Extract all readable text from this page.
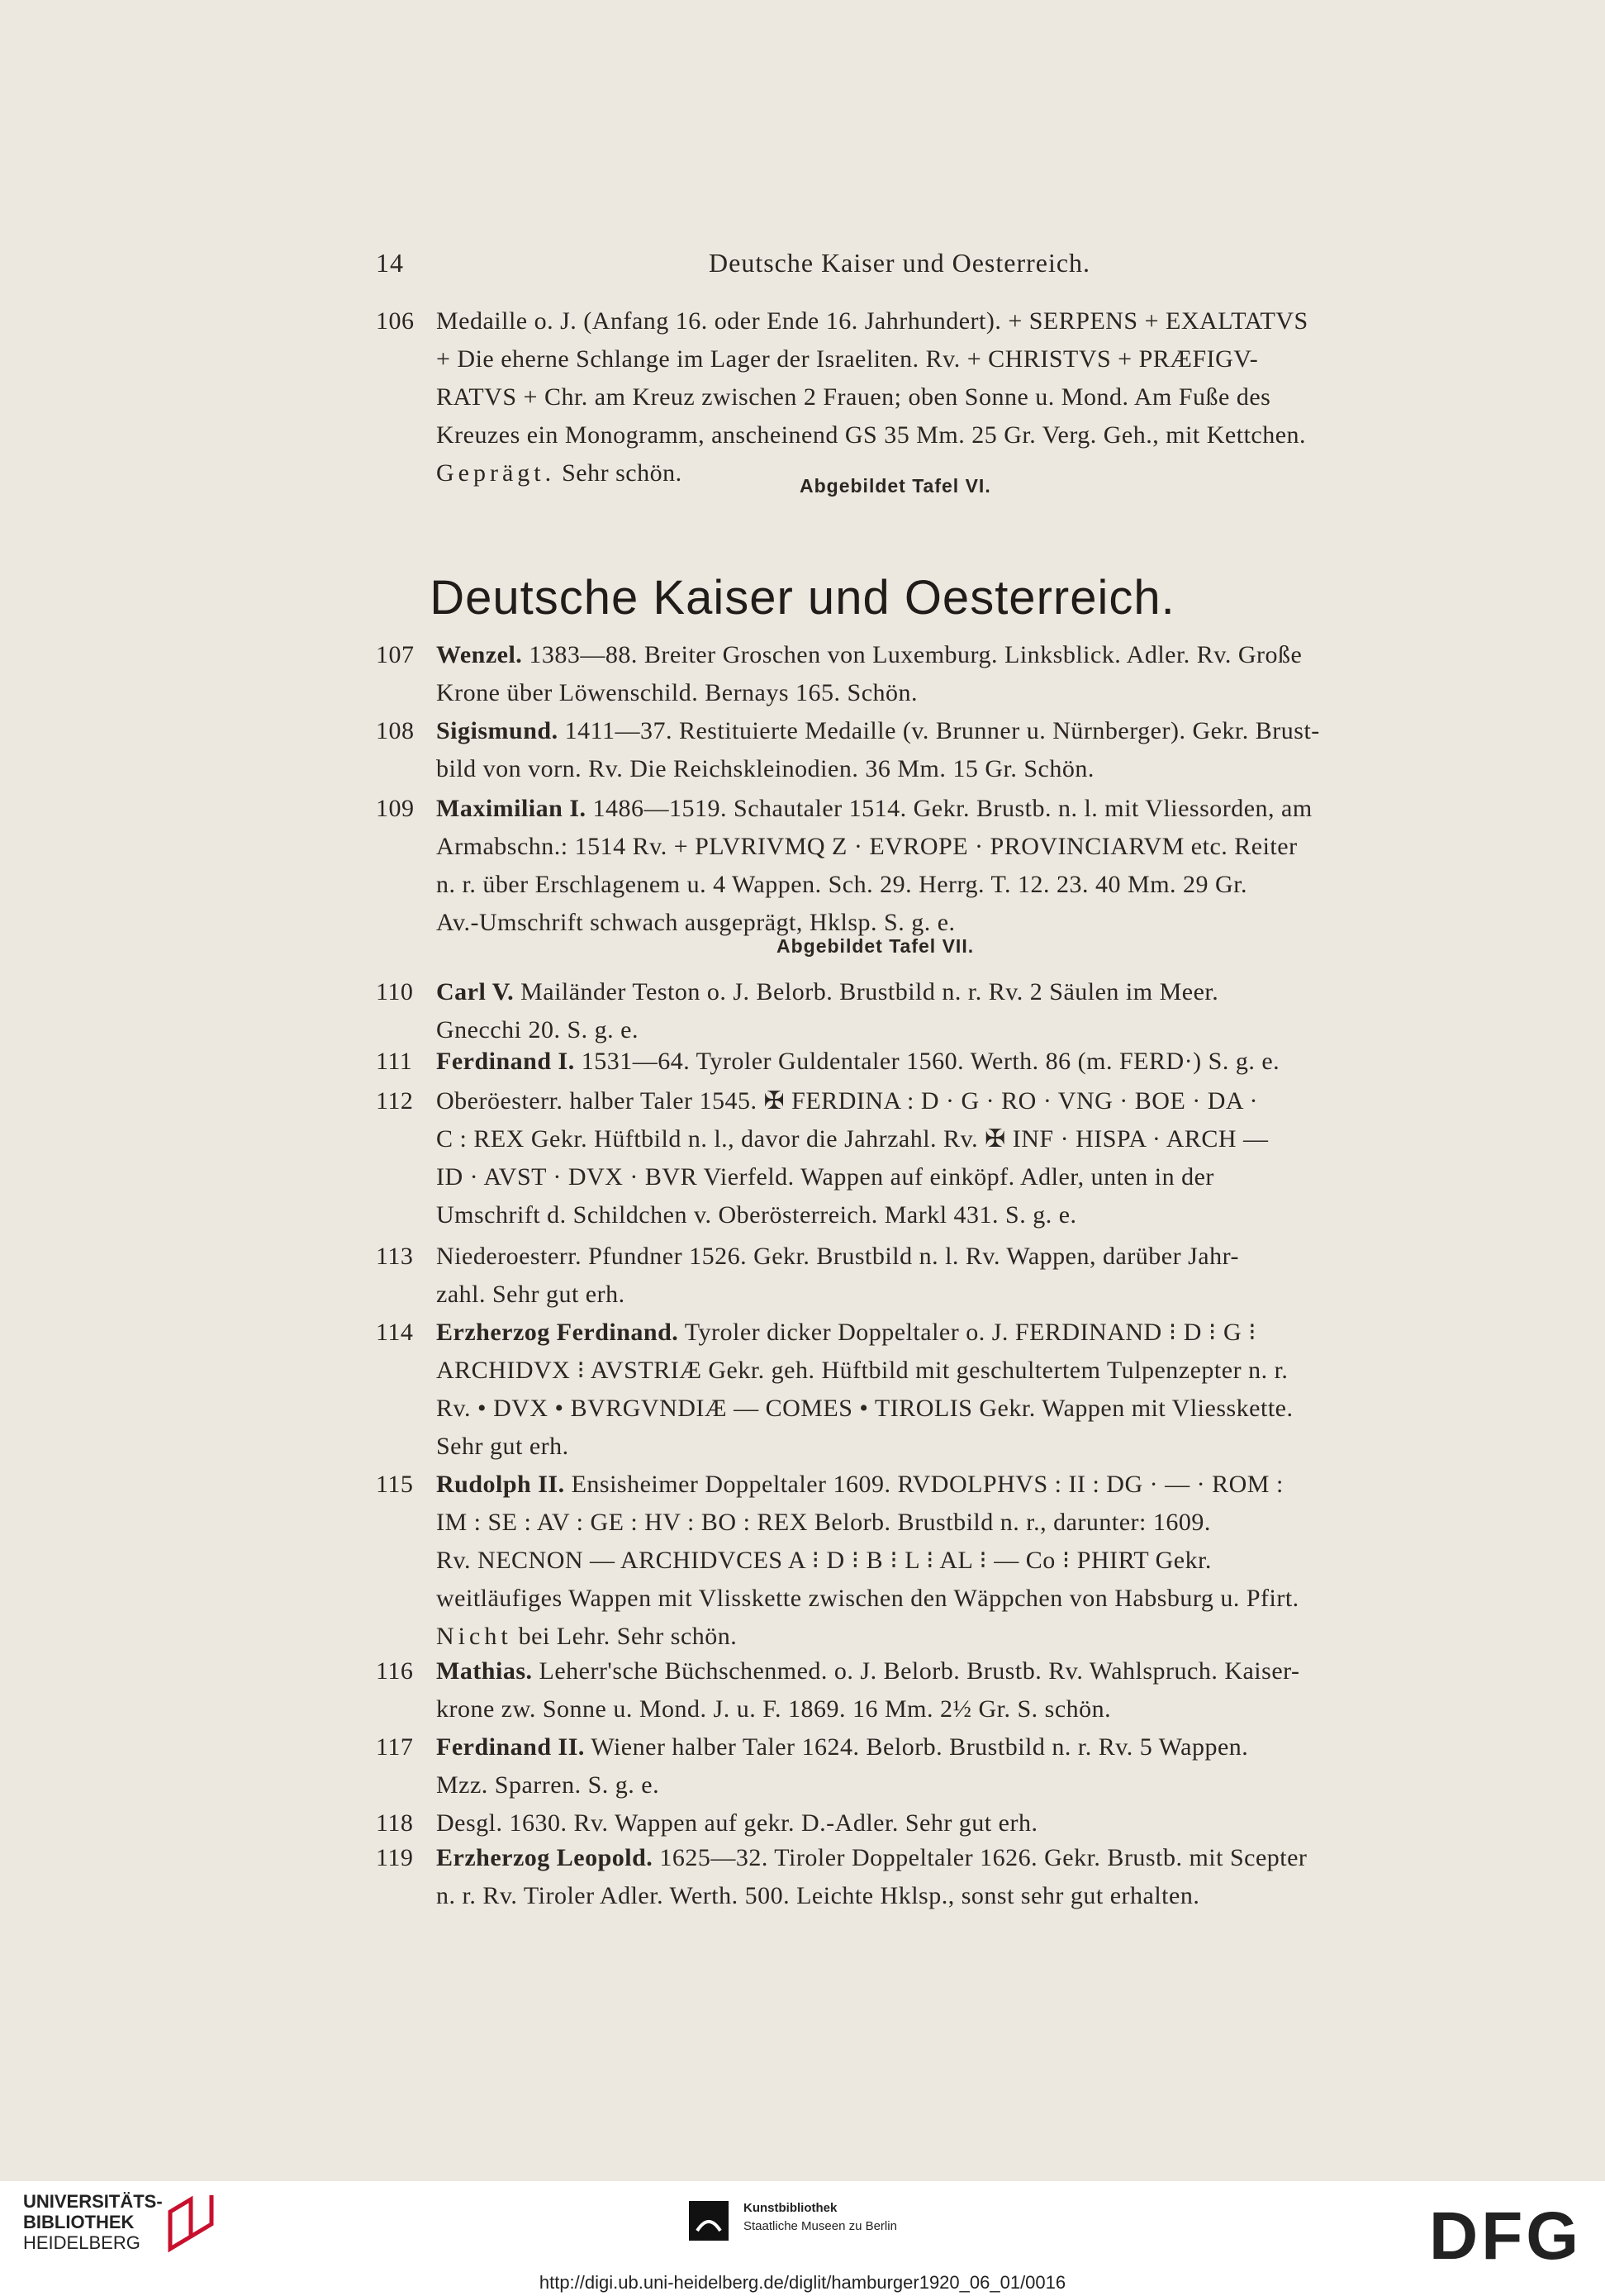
14	Deutsche Kaiser und Oesterreich.
106 Medaille o. J. (Anfang 16. oder Ende 16. Jahrhundert). + SERPENS + EXALTATVS
+ Die eherne Schlange im Lager der Israeliten. Rv. + CHRISTVS + PRÆFIGV-
RATVS + Chr. am Kreuz zwischen 2 Frauen; oben Sonne u. Mond. Am Fuße des
Kreuzes ein Monogramm, anscheinend GS 35 Mm. 25 Gr. Verg. Geh., mit Kettchen.
Geprägt. Sehr schön.	Abgebildet Tafel VI.
Deutsche Kaiser und Oesterreich.
107 Wenzel. 1383—88. Breiter Groschen von Luxemburg. Linksblick. Adler. Rv. Große
Krone über Löwenschild. Bernays 165. Schön.
108 Sigismund. 1411—37. Restituierte Medaille (v. Brunner u. Nürnberger). Gekr. Brust-
bild von vorn. Rv. Die Reichskleinodien. 36 Mm. 15 Gr. Schön.
109 Maximilian I. 1486—1519. Schautaler 1514. Gekr. Brustb. n. l. mit Vliessorden, am
Armabschn.: 1514 Rv. + PLVRIVMQ Z · EVROPE · PROVINCIARVM etc. Reiter
n. r. über Erschlagenem u. 4 Wappen. Sch. 29. Herrg. T. 12. 23. 40 Mm. 29 Gr.
Av.-Umschrift schwach ausgeprägt, Hklsp. S. g. e.
Abgebildet Tafel VII.
110 Carl V. Mailänder Teston o. J. Belorb. Brustbild n. r. Rv. 2 Säulen im Meer.
Gnecchi 20. S. g. e.
111 Ferdinand I. 1531—64. Tyroler Guldentaler 1560. Werth. 86 (m. FERD·) S. g. e.
112 Oberöesterr. halber Taler 1545. ✠ FERDINA : D · G · RO · VNG · BOE · DA ·
C : REX Gekr. Hüftbild n. l., davor die Jahrzahl. Rv. ✠ INF · HISPA · ARCH —
ID · AVST · DVX · BVR Vierfeld. Wappen auf einköpf. Adler, unten in der
Umschrift d. Schildchen v. Oberösterreich. Markl 431. S. g. e.
113 Niederoesterr. Pfundner 1526. Gekr. Brustbild n. l. Rv. Wappen, darüber Jahr-
zahl. Sehr gut erh.
114 Erzherzog Ferdinand. Tyroler dicker Doppeltaler o. J. FERDINAND ⁝ D ⁝ G ⁝
ARCHIDVX ⁝ AVSTRIÆ Gekr. geh. Hüftbild mit geschultertem Tulpenzepter n. r.
Rv. • DVX • BVRGVNDIÆ — COMES • TIROLIS Gekr. Wappen mit Vliesskette.
Sehr gut erh.
115 Rudolph II. Ensisheimer Doppeltaler 1609. RVDOLPHVS : II : DG · — · ROM :
IM : SE : AV : GE : HV : BO : REX Belorb. Brustbild n. r., darunter: 1609.
Rv. NECNON — ARCHIDVCES A ⁝ D ⁝ B ⁝ L ⁝ AL ⁝ — Co ⁝ PHIRT Gekr.
weitläufiges Wappen mit Vlisskette zwischen den Wäppchen von Habsburg u. Pfirt.
Nicht bei Lehr. Sehr schön.
116 Mathias. Leherr'sche Büchschenmed. o. J. Belorb. Brustb. Rv. Wahlspruch. Kaiser-
krone zw. Sonne u. Mond. J. u. F. 1869. 16 Mm. 2½ Gr. S. schön.
117 Ferdinand II. Wiener halber Taler 1624. Belorb. Brustbild n. r. Rv. 5 Wappen.
Mzz. Sparren. S. g. e.
118 Desgl. 1630. Rv. Wappen auf gekr. D.-Adler. Sehr gut erh.
119 Erzherzog Leopold. 1625—32. Tiroler Doppeltaler 1626. Gekr. Brustb. mit Scepter
n. r. Rv. Tiroler Adler. Werth. 500. Leichte Hklsp., sonst sehr gut erhalten.
UNIVERSITÄTS-
BIBLIOTHEK
HEIDELBERG
Kunstbibliothek
Staatliche Museen zu Berlin	DFG
http://digi.ub.uni-heidelberg.de/diglit/hamburger1920_06_01/0016
